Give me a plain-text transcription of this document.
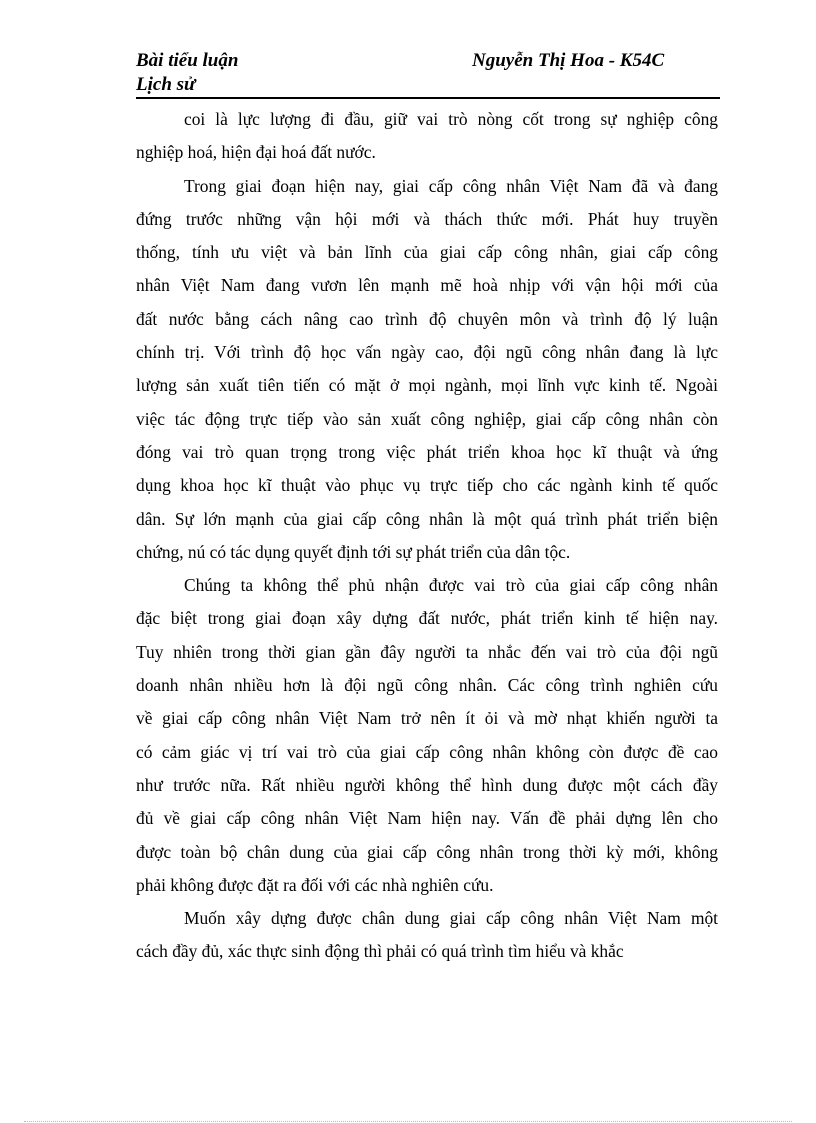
Bài tiểu luận
Lịch sử
Nguyễn Thị Hoa - K54C
coi là lực lượng đi đầu, giữ vai trò nòng cốt trong sự nghiệp công
nghiệp hoá, hiện đại hoá đất nước.
Trong giai đoạn hiện nay, giai cấp công nhân Việt Nam đã và đang
đứng trước những vận hội mới và thách thức mới. Phát huy truyền
thống, tính ưu việt và bản lĩnh của giai cấp công nhân, giai cấp công
nhân Việt Nam đang vươn lên mạnh mẽ hoà nhịp với vận hội mới của
đất nước bằng cách nâng cao trình độ chuyên môn và trình độ lý luận
chính trị. Với trình độ học vấn ngày cao, đội ngũ công nhân đang là lực
lượng sản xuất tiên tiến có mặt ở mọi ngành, mọi lĩnh vực kinh tế. Ngoài
việc tác động trực tiếp vào sản xuất công nghiệp, giai cấp công nhân còn
đóng vai trò quan trọng trong việc phát triển khoa học kĩ thuật và ứng
dụng khoa học kĩ thuật vào phục vụ trực tiếp cho các ngành kinh tế quốc
dân. Sự lớn mạnh của giai cấp công nhân là một quá trình phát triển biện
chứng, nú có tác dụng quyết định tới sự phát triển của dân tộc.
Chúng ta không thể phủ nhận được vai trò của giai cấp công nhân
đặc biệt trong giai đoạn xây dựng đất nước, phát triển kinh tế hiện nay.
Tuy nhiên trong thời gian gần đây người ta nhắc đến vai trò của đội ngũ
doanh nhân nhiều hơn là đội ngũ công nhân. Các công trình nghiên cứu
về giai cấp công nhân Việt Nam trở nên ít ỏi và mờ nhạt khiến người ta
có cảm giác vị trí vai trò của giai cấp công nhân không còn được đề cao
như trước nữa. Rất nhiều người không thể hình dung được một cách đầy
đủ về giai cấp công nhân Việt Nam hiện nay. Vấn đề phải dựng lên cho
được toàn bộ chân dung của giai cấp công nhân trong thời kỳ mới, không
phải không được đặt ra đối với các nhà nghiên cứu.
Muốn xây dựng được chân dung giai cấp công nhân Việt Nam một
cách đầy đủ, xác thực sinh động thì phải có quá trình tìm hiểu và khắc
